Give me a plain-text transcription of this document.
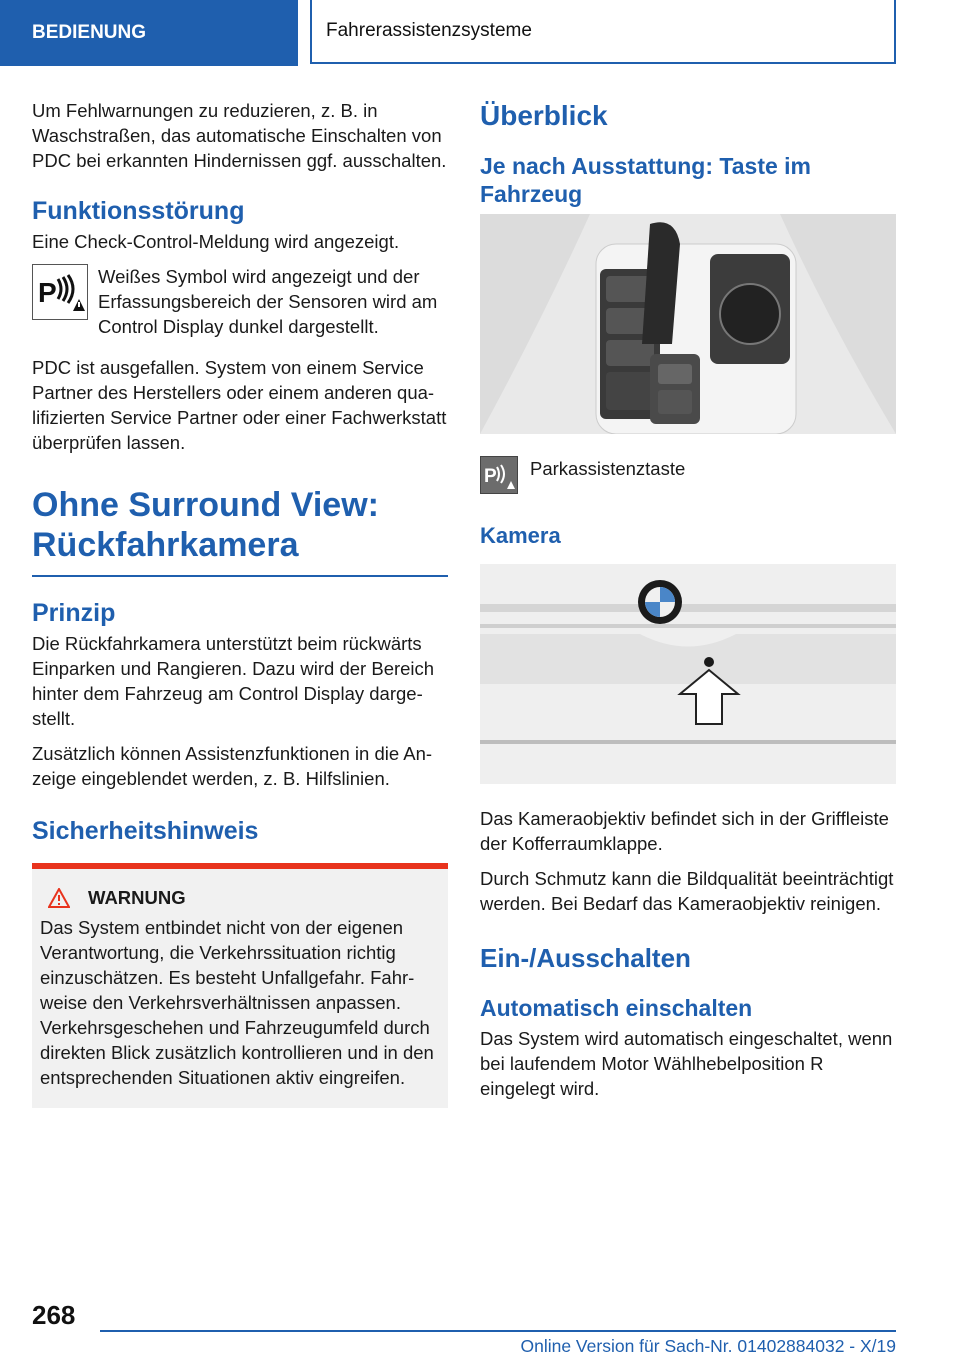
BEDIENUNG	Fahrerassistenzsysteme

Um Fehlwarnungen zu reduzieren, z. B. in Waschstraßen, das automatische Einschalten von PDC bei erkannten Hindernissen ggf. ausschalten.

Funktionsstörung

Eine Check-Control-Meldung wird angezeigt.

P

Weißes Symbol wird angezeigt und der Erfassungsbereich der Sensoren wird am Control Display dunkel dargestellt.

PDC ist ausgefallen. System von einem Service Partner des Herstellers oder einem anderen qualifizierten Service Partner oder einer Fachwerkstatt überprüfen lassen.

Ohne Surround View: Rückfahrkamera
Prinzip

Die Rückfahrkamera unterstützt beim rückwärts Einparken und Rangieren. Dazu wird der Bereich hinter dem Fahrzeug am Control Display dargestellt.

Zusätzlich können Assistenzfunktionen in die Anzeige eingeblendet werden, z. B. Hilfslinien.

Sicherheitshinweis
WARNUNG

Das System entbindet nicht von der eigenen Verantwortung, die Verkehrssituation richtig einzuschätzen. Es besteht Unfallgefahr. Fahrweise den Verkehrsverhältnissen anpassen.

Verkehrsgeschehen und Fahrzeugumfeld durch direkten Blick zusätzlich kontrollieren und in den entsprechenden Situationen aktiv eingreifen.

Überblick
Je nach Ausstattung: Taste im Fahrzeug
P Parkassistenztaste

Kamera

Das Kameraobjektiv befindet sich in der Griffleiste der Kofferraumklappe.

Durch Schmutz kann die Bildqualität beeinträchtigt werden. Bei Bedarf das Kameraobjektiv reinigen.

Ein-/Ausschalten
Automatisch einschalten

Das System wird automatisch eingeschaltet, wenn bei laufendem Motor Wählhebelposition R eingelegt wird.

268
Online Version für Sach-Nr. 01402884032 - X/19
